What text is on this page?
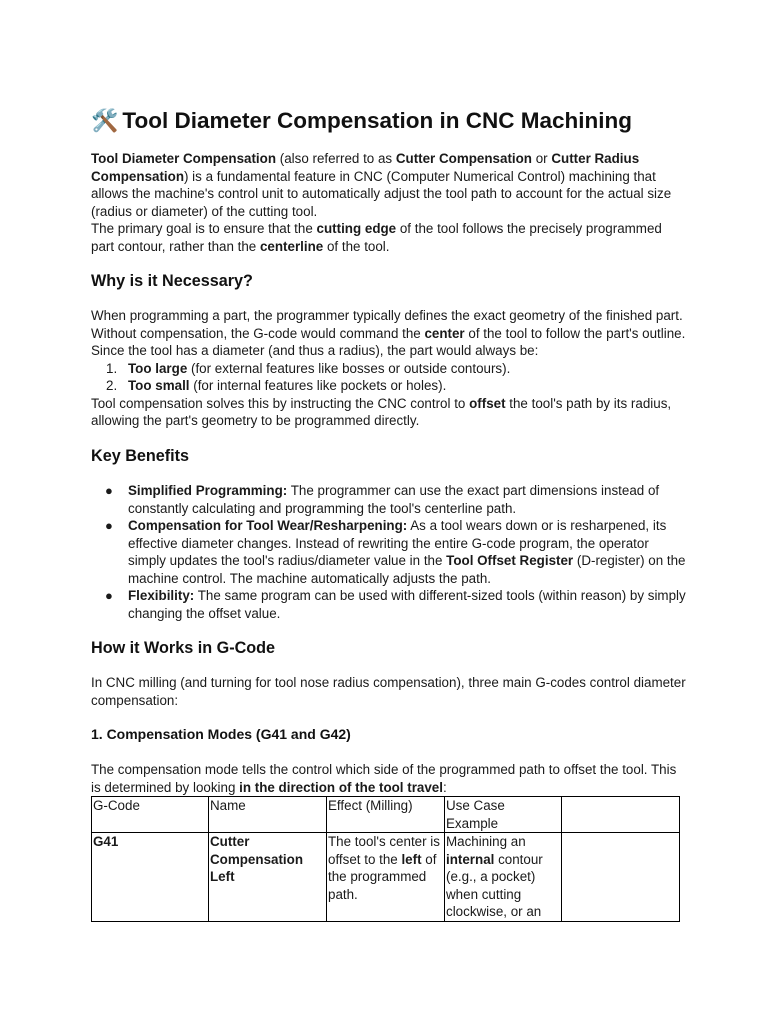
🛠️ Tool Diameter Compensation in CNC Machining

Tool Diameter Compensation (also referred to as Cutter Compensation or Cutter Radius Compensation) is a fundamental feature in CNC (Computer Numerical Control) machining that allows the machine's control unit to automatically adjust the tool path to account for the actual size (radius or diameter) of the cutting tool.

The primary goal is to ensure that the cutting edge of the tool follows the precisely programmed part contour, rather than the centerline of the tool.

Why is it Necessary?

When programming a part, the programmer typically defines the exact geometry of the finished part. Without compensation, the G-code would command the center of the tool to follow the part's outline. Since the tool has a diameter (and thus a radius), the part would always be:

1. Too large (for external features like bosses or outside contours).
2. Too small (for internal features like pockets or holes).

Tool compensation solves this by instructing the CNC control to offset the tool's path by its radius, allowing the part's geometry to be programmed directly.

Key Benefits
● Simplified Programming: The programmer can use the exact part dimensions instead of constantly calculating and programming the tool's centerline path.
● Compensation for Tool Wear/Resharpening: As a tool wears down or is resharpened, its effective diameter changes. Instead of rewriting the entire G-code program, the operator simply updates the tool's radius/diameter value in the Tool Offset Register (D-register) on the machine control. The machine automatically adjusts the path.
● Flexibility: The same program can be used with different-sized tools (within reason) by simply changing the offset value.
How it Works in G-Code

In CNC milling (and turning for tool nose radius compensation), three main G-codes control diameter compensation:

1. Compensation Modes (G41 and G42)

The compensation mode tells the control which side of the programmed path to offset the tool. This is determined by looking in the direction of the tool travel:

G-Code	Name	Effect (Milling)	Use Case Example	
G41	Cutter Compensation Left	The tool's center is offset to the left of the programmed path.	Machining an internal contour (e.g., a pocket) when cutting clockwise, or an	
